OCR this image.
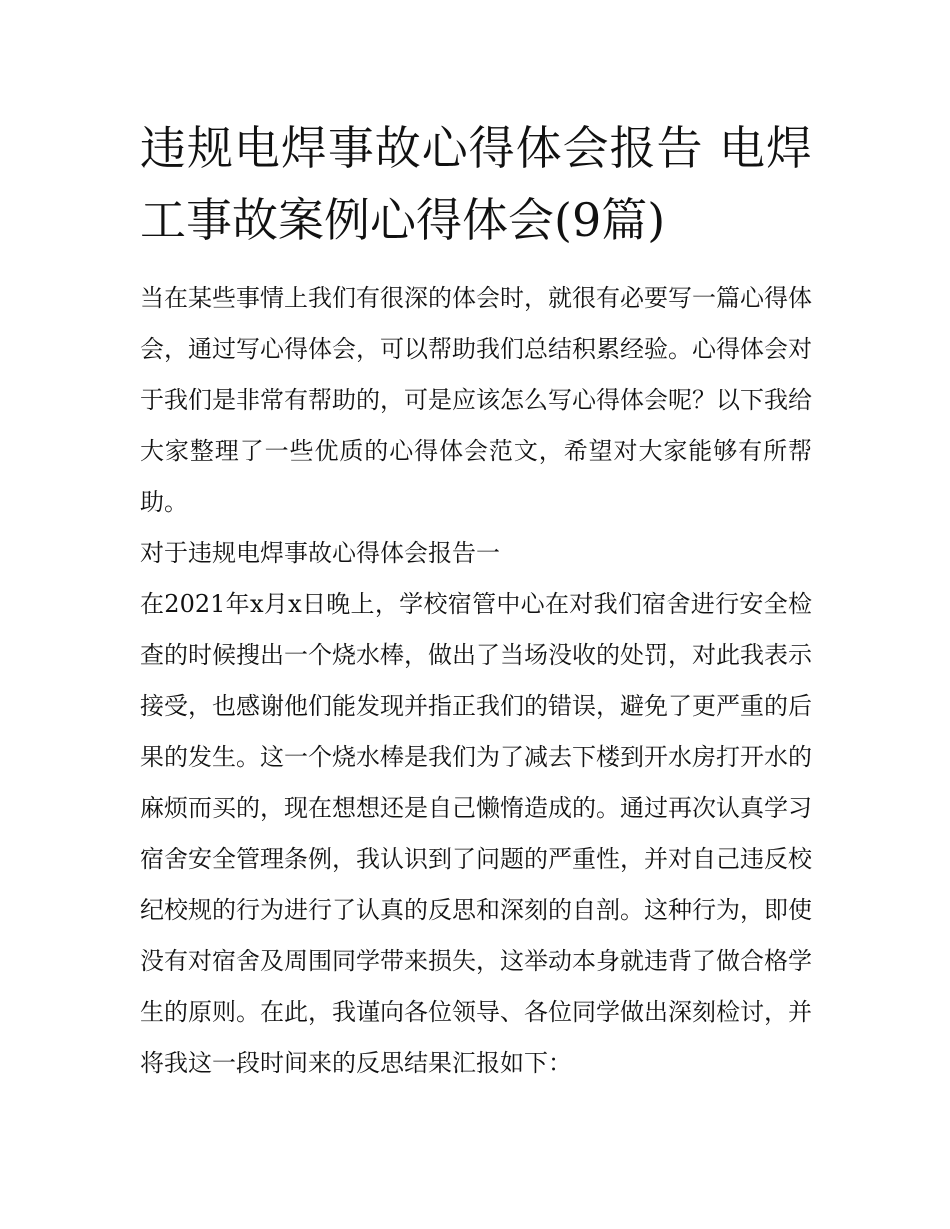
违规电焊事故心得体会报告 电焊工事故案例心得体会(9篇)

当在某些事情上我们有很深的体会时，就很有必要写一篇心得体会，通过写心得体会，可以帮助我们总结积累经验。心得体会对于我们是非常有帮助的，可是应该怎么写心得体会呢？以下我给大家整理了一些优质的心得体会范文，希望对大家能够有所帮助。

对于违规电焊事故心得体会报告一

在2021年x月x日晚上，学校宿管中心在对我们宿舍进行安全检查的时候搜出一个烧水棒，做出了当场没收的处罚，对此我表示接受，也感谢他们能发现并指正我们的错误，避免了更严重的后果的发生。这一个烧水棒是我们为了减去下楼到开水房打开水的麻烦而买的，现在想想还是自己懒惰造成的。通过再次认真学习宿舍安全管理条例，我认识到了问题的严重性，并对自己违反校纪校规的行为进行了认真的反思和深刻的自剖。这种行为，即使没有对宿舍及周围同学带来损失，这举动本身就违背了做合格学生的原则。在此，我谨向各位领导、各位同学做出深刻检讨，并将我这一段时间来的反思结果汇报如下：
